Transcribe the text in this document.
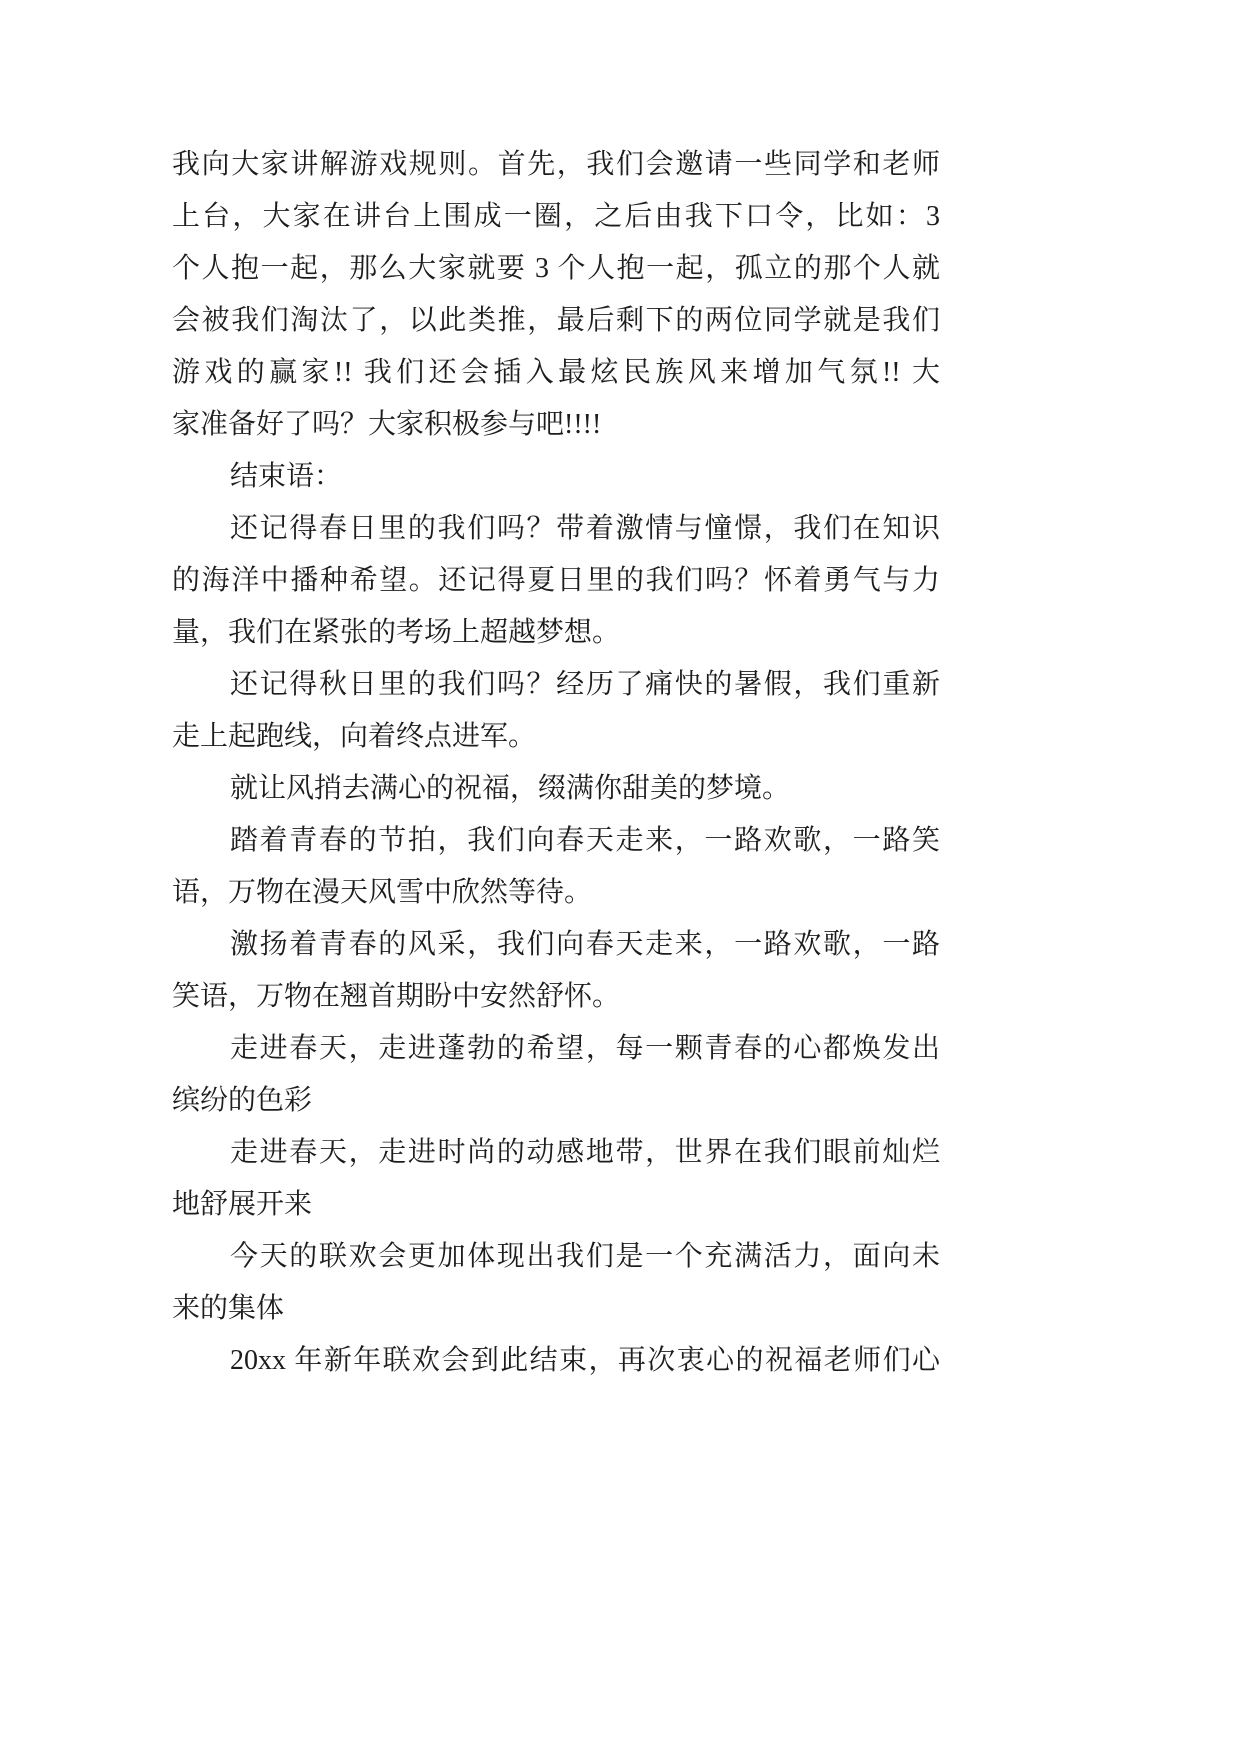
我向大家讲解游戏规则。首先，我们会邀请一些同学和老师
上台，大家在讲台上围成一圈，之后由我下口令，比如：3
个人抱一起，那么大家就要 3 个人抱一起，孤立的那个人就
会被我们淘汰了，以此类推，最后剩下的两位同学就是我们
游戏的赢家!! 我们还会插入最炫民族风来增加气氛!! 大
家准备好了吗？大家积极参与吧!!!!
结束语：
还记得春日里的我们吗？带着激情与憧憬，我们在知识
的海洋中播种希望。还记得夏日里的我们吗？怀着勇气与力
量，我们在紧张的考场上超越梦想。
还记得秋日里的我们吗？经历了痛快的暑假，我们重新
走上起跑线，向着终点进军。
就让风捎去满心的祝福，缀满你甜美的梦境。
踏着青春的节拍，我们向春天走来，一路欢歌，一路笑
语，万物在漫天风雪中欣然等待。
激扬着青春的风采，我们向春天走来，一路欢歌，一路
笑语，万物在翘首期盼中安然舒怀。
走进春天，走进蓬勃的希望，每一颗青春的心都焕发出
缤纷的色彩
走进春天，走进时尚的动感地带，世界在我们眼前灿烂
地舒展开来
今天的联欢会更加体现出我们是一个充满活力，面向未
来的集体
20xx 年新年联欢会到此结束，再次衷心的祝福老师们心
